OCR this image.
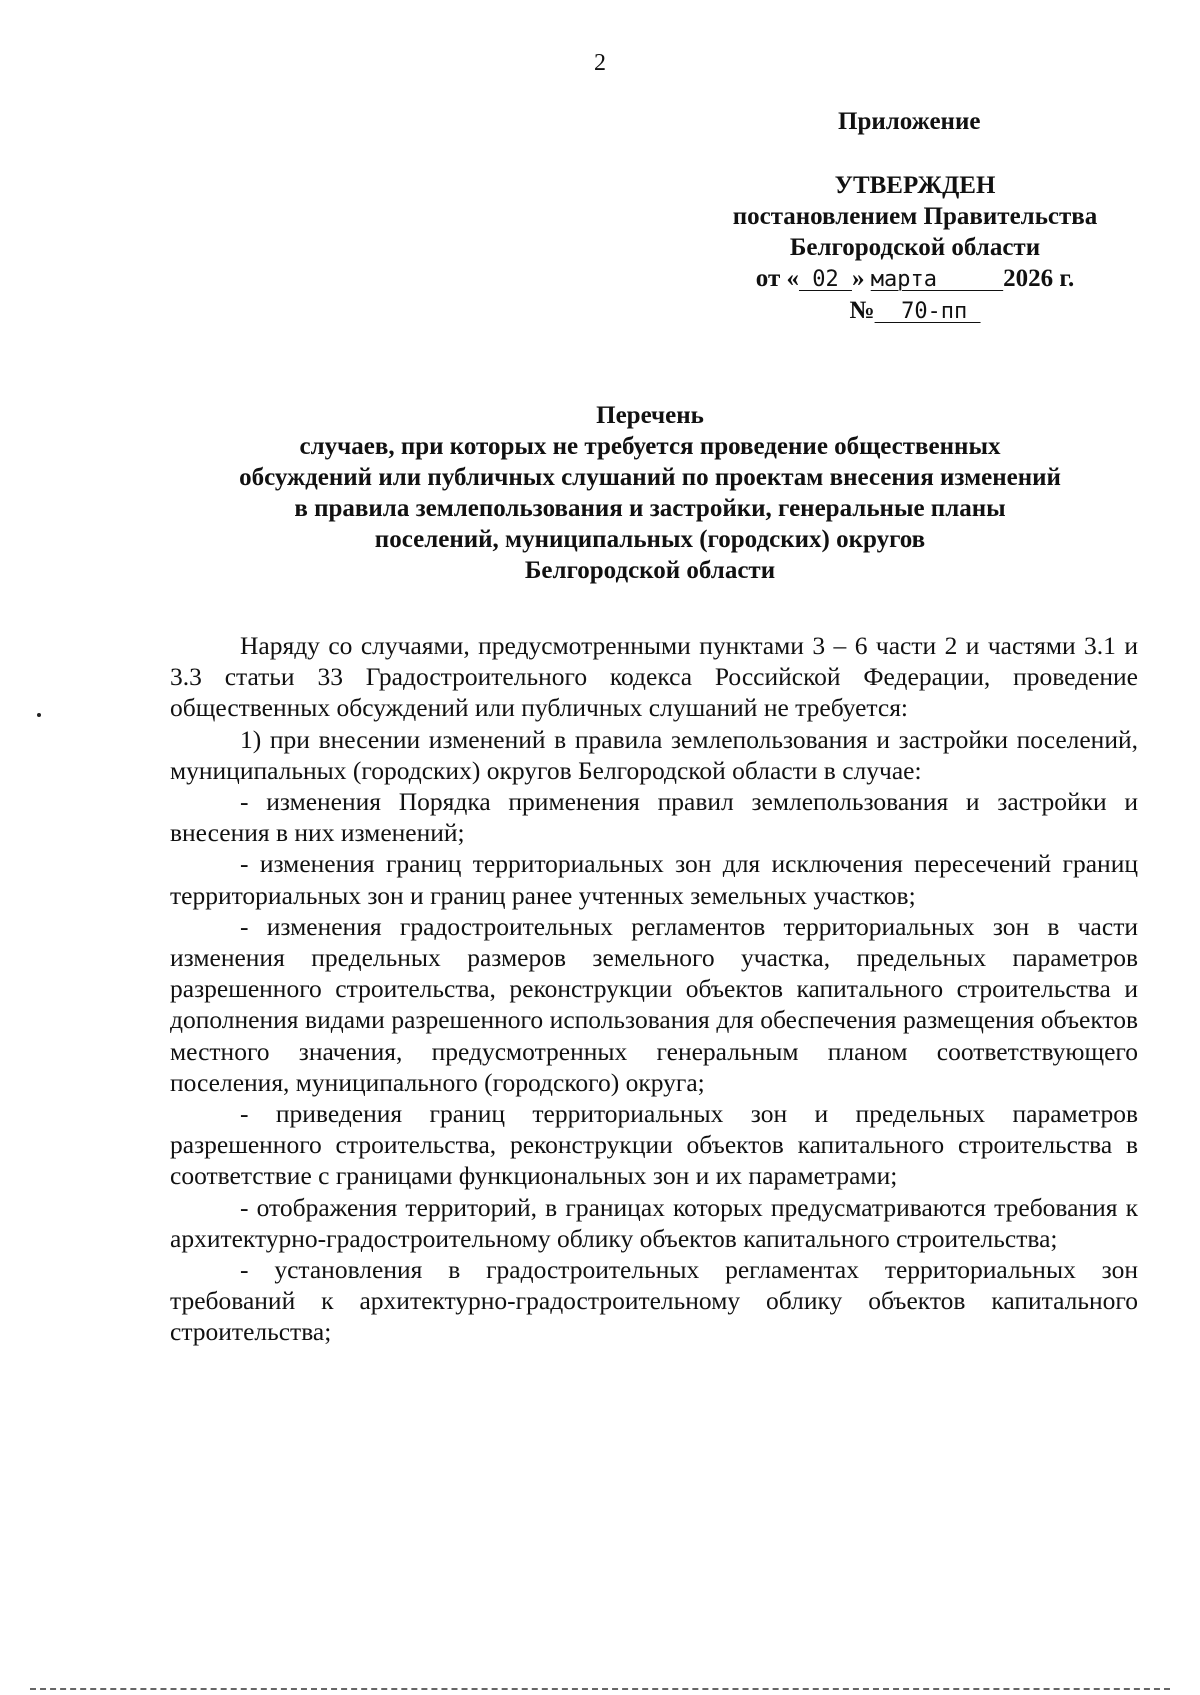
2
Приложение
УТВЕРЖДЕН
постановлением Правительства
Белгородской области
от « 02 » марта     2026 г.
№  70-пп
Перечень
случаев, при которых не требуется проведение общественных
обсуждений или публичных слушаний по проектам внесения изменений
в правила землепользования и застройки, генеральные планы
поселений, муниципальных (городских) округов
Белгородской области

Наряду со случаями, предусмотренными пунктами 3 – 6 части 2 и частями 3.1 и 3.3 статьи 33 Градостроительного кодекса Российской Федерации, проведение общественных обсуждений или публичных слушаний не требуется:

1) при внесении изменений в правила землепользования и застройки поселений, муниципальных (городских) округов Белгородской области в случае:

- изменения Порядка применения правил землепользования и застройки и внесения в них изменений;

- изменения границ территориальных зон для исключения пересечений границ территориальных зон и границ ранее учтенных земельных участков;

- изменения градостроительных регламентов территориальных зон в части изменения предельных размеров земельного участка, предельных параметров разрешенного строительства, реконструкции объектов капитального строительства и дополнения видами разрешенного использования для обеспечения размещения объектов местного значения, предусмотренных генеральным планом соответствующего поселения, муниципального (городского) округа;

- приведения границ территориальных зон и предельных параметров разрешенного строительства, реконструкции объектов капитального строительства в соответствие с границами функциональных зон и их параметрами;

- отображения территорий, в границах которых предусматриваются требования к архитектурно-градостроительному облику объектов капитального строительства;

- установления в градостроительных регламентах территориальных зон требований к архитектурно-градостроительному облику объектов капитального строительства;
